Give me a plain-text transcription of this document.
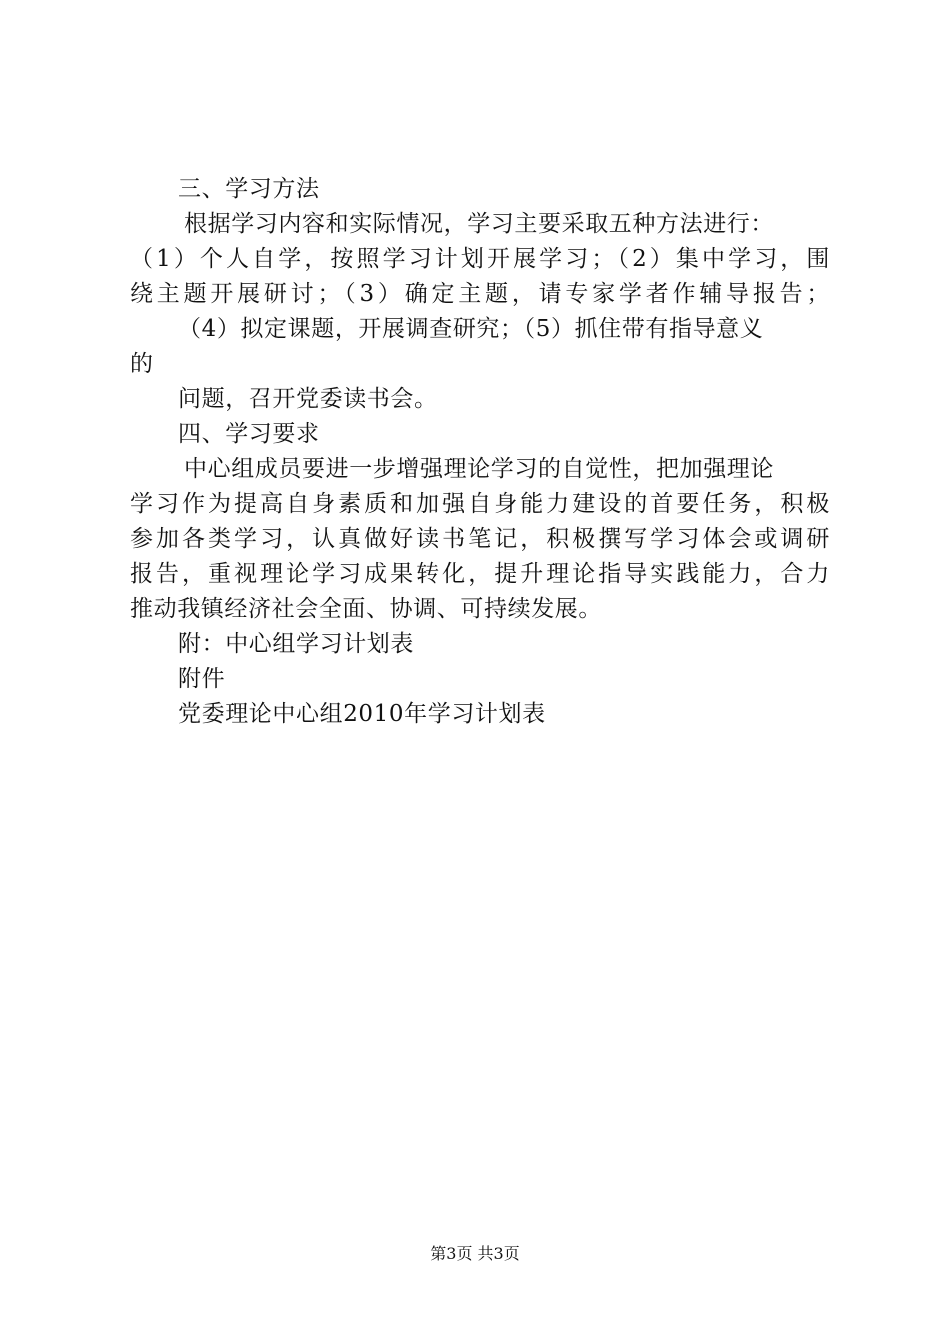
三、学习方法
根据学习内容和实际情况，学习主要采取五种方法进行：
（1）个人自学，按照学习计划开展学习；（2）集中学习，围
绕主题开展研讨；（3）确定主题，请专家学者作辅导报告；
（4）拟定课题，开展调查研究；（5）抓住带有指导意义
的
问题，召开党委读书会。
四、学习要求
中心组成员要进一步增强理论学习的自觉性，把加强理论
学习作为提高自身素质和加强自身能力建设的首要任务，积极
参加各类学习，认真做好读书笔记，积极撰写学习体会或调研
报告，重视理论学习成果转化，提升理论指导实践能力，合力
推动我镇经济社会全面、协调、可持续发展。
附：中心组学习计划表
附件
党委理论中心组2010年学习计划表
第3页 共3页
